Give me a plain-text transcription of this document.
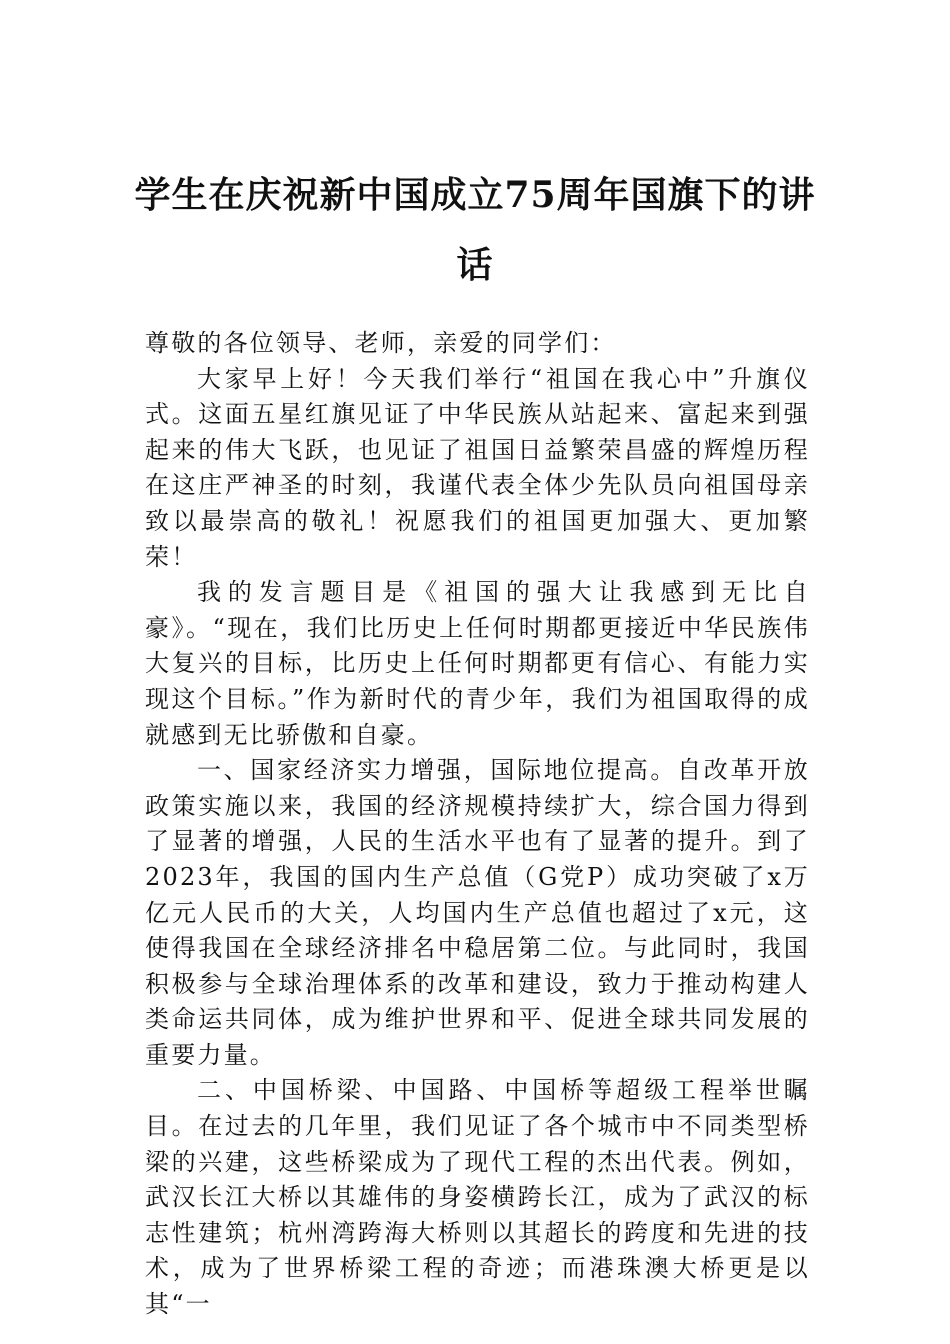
学生在庆祝新中国成立75周年国旗下的讲话

尊敬的各位领导、老师，亲爱的同学们：

大家早上好！今天我们举行“祖国在我心中”升旗仪式。这面五星红旗见证了中华民族从站起来、富起来到强起来的伟大飞跃，也见证了祖国日益繁荣昌盛的辉煌历程在这庄严神圣的时刻，我谨代表全体少先队员向祖国母亲致以最崇高的敬礼！祝愿我们的祖国更加强大、更加繁荣！

我的发言题目是《祖国的强大让我感到无比自豪》。“现在，我们比历史上任何时期都更接近中华民族伟大复兴的目标，比历史上任何时期都更有信心、有能力实现这个目标。”作为新时代的青少年，我们为祖国取得的成就感到无比骄傲和自豪。

一、国家经济实力增强，国际地位提高。自改革开放政策实施以来，我国的经济规模持续扩大，综合国力得到了显著的增强，人民的生活水平也有了显著的提升。到了2023年，我国的国内生产总值（G党P）成功突破了x万亿元人民币的大关，人均国内生产总值也超过了x元，这使得我国在全球经济排名中稳居第二位。与此同时，我国积极参与全球治理体系的改革和建设，致力于推动构建人类命运共同体，成为维护世界和平、促进全球共同发展的重要力量。

二、中国桥梁、中国路、中国桥等超级工程举世瞩目。在过去的几年里，我们见证了各个城市中不同类型桥梁的兴建，这些桥梁成为了现代工程的杰出代表。例如，武汉长江大桥以其雄伟的身姿横跨长江，成为了武汉的标志性建筑；杭州湾跨海大桥则以其超长的跨度和先进的技术，成为了世界桥梁工程的奇迹；而港珠澳大桥更是以其“一
